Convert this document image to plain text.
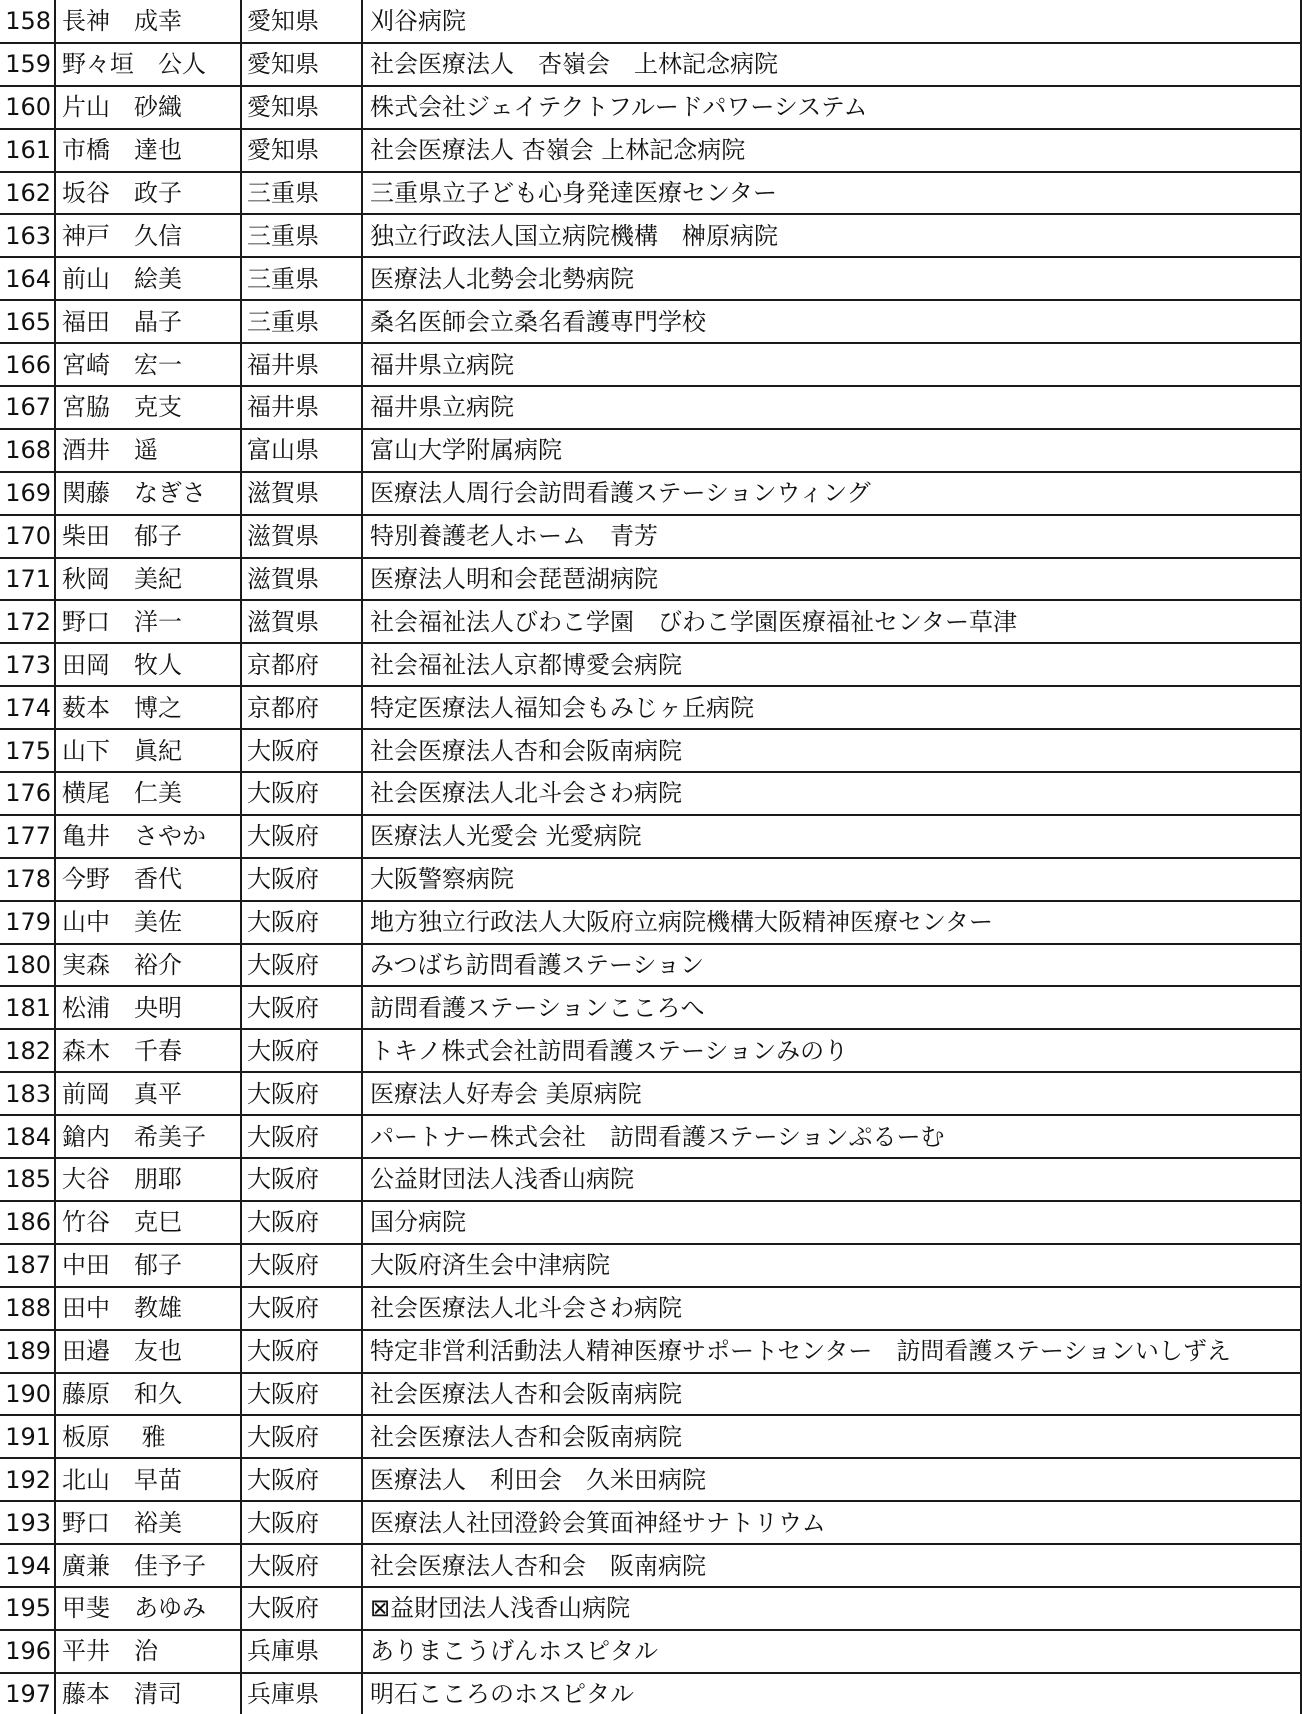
158	長神　成幸	愛知県	刈谷病院
159	野々垣　公人	愛知県	社会医療法人　杏嶺会　上林記念病院
160	片山　砂織	愛知県	株式会社ジェイテクトフルードパワーシステム
161	市橋　達也	愛知県	社会医療法人 杏嶺会 上林記念病院
162	坂谷　政子	三重県	三重県立子ども心身発達医療センター
163	神戸　久信	三重県	独立行政法人国立病院機構　榊原病院
164	前山　絵美	三重県	医療法人北勢会北勢病院
165	福田　晶子	三重県	桑名医師会立桑名看護専門学校
166	宮崎　宏一	福井県	福井県立病院
167	宮脇　克支	福井県	福井県立病院
168	酒井　遥	富山県	富山大学附属病院
169	関藤　なぎさ	滋賀県	医療法人周行会訪問看護ステーションウィング
170	柴田　郁子	滋賀県	特別養護老人ホーム　青芳
171	秋岡　美紀	滋賀県	医療法人明和会琵琶湖病院
172	野口　洋一	滋賀県	社会福祉法人びわこ学園　びわこ学園医療福祉センター草津
173	田岡　牧人	京都府	社会福祉法人京都博愛会病院
174	薮本　博之	京都府	特定医療法人福知会もみじヶ丘病院
175	山下　眞紀	大阪府	社会医療法人杏和会阪南病院
176	横尾　仁美	大阪府	社会医療法人北斗会さわ病院
177	亀井　さやか	大阪府	医療法人光愛会 光愛病院
178	今野　香代	大阪府	大阪警察病院
179	山中　美佐	大阪府	地方独立行政法人大阪府立病院機構大阪精神医療センター
180	実森　裕介	大阪府	みつばち訪問看護ステーション
181	松浦　央明	大阪府	訪問看護ステーションこころへ
182	森木　千春	大阪府	トキノ株式会社訪問看護ステーションみのり
183	前岡　真平	大阪府	医療法人好寿会 美原病院
184	鎗内　希美子	大阪府	パートナー株式会社　訪問看護ステーションぷるーむ
185	大谷　朋耶	大阪府	公益財団法人浅香山病院
186	竹谷　克巳	大阪府	国分病院
187	中田　郁子	大阪府	大阪府済生会中津病院
188	田中　教雄	大阪府	社会医療法人北斗会さわ病院
189	田邉　友也	大阪府	特定非営利活動法人精神医療サポートセンター　訪問看護ステーションいしずえ
190	藤原　和久	大阪府	社会医療法人杏和会阪南病院
191	板原　 雅	大阪府	社会医療法人杏和会阪南病院
192	北山　早苗	大阪府	医療法人　利田会　久米田病院
193	野口　裕美	大阪府	医療法人社団澄鈴会箕面神経サナトリウム
194	廣兼　佳予子	大阪府	社会医療法人杏和会　阪南病院
195	甲斐　あゆみ	大阪府	⊠益財団法人浅香山病院
196	平井　治	兵庫県	ありまこうげんホスピタル
197	藤本　清司	兵庫県	明石こころのホスピタル
